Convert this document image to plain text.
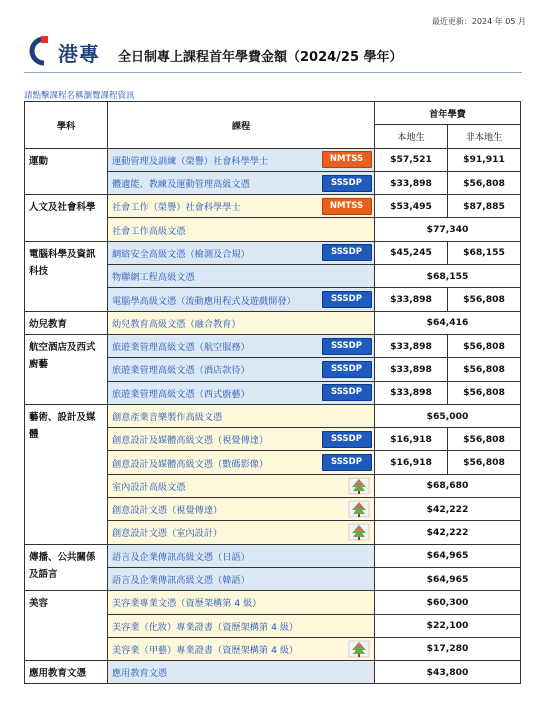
最近更新：2024 年 05 月
港專 全日制專上課程首年學費金額（2024/25 學年）
請點擊課程名稱瀏覽課程資訊
學科	課程		首年學費	
			本地生	非本地生
運動	運動管理及訓練（榮譽）社會科學學士	NMTSS	$57,521	$91,911
	體適能、教練及運動管理高級文憑	SSSDP	$33,898	$56,808
人文及社會科學	社會工作（榮譽）社會科學學士	NMTSS	$53,495	$87,885
	社會工作高級文憑		$77,340	
電腦科學及資訊科技	網絡安全高級文憑（檢測及合規）	SSSDP	$45,245	$68,155
	物聯網工程高級文憑		$68,155	
	電腦學高級文憑（流動應用程式及遊戲開發）	SSSDP	$33,898	$56,808
幼兒教育	幼兒教育高級文憑（融合教育）		$64,416	
航空酒店及西式廚藝	旅遊業管理高級文憑（航空服務）	SSSDP	$33,898	$56,808
	旅遊業管理高級文憑（酒店款待）	SSSDP	$33,898	$56,808
	旅遊業管理高級文憑（西式廚藝）	SSSDP	$33,898	$56,808
藝術、設計及媒體	創意產業音樂製作高級文憑		$65,000	
	創意設計及媒體高級文憑（視覺傳達）	SSSDP	$16,918	$56,808
	創意設計及媒體高級文憑（數碼影像）	SSSDP	$16,918	$56,808
	室內設計高級文憑		$68,680	
	創意設計文憑（視覺傳達）		$42,222	
	創意設計文憑（室內設計）		$42,222	
傳播、公共關係及語言	語言及企業傳訊高級文憑（日語）		$64,965	
	語言及企業傳訊高級文憑（韓語）		$64,965	
美容	美容業專業文憑（資歷架構第 4 級）		$60,300	
	美容業（化妝）專業證書（資歷架構第 4 級）		$22,100	
	美容業（甲藝）專業證書（資歷架構第 4 級）		$17,280	
應用教育文憑	應用教育文憑		$43,800	
